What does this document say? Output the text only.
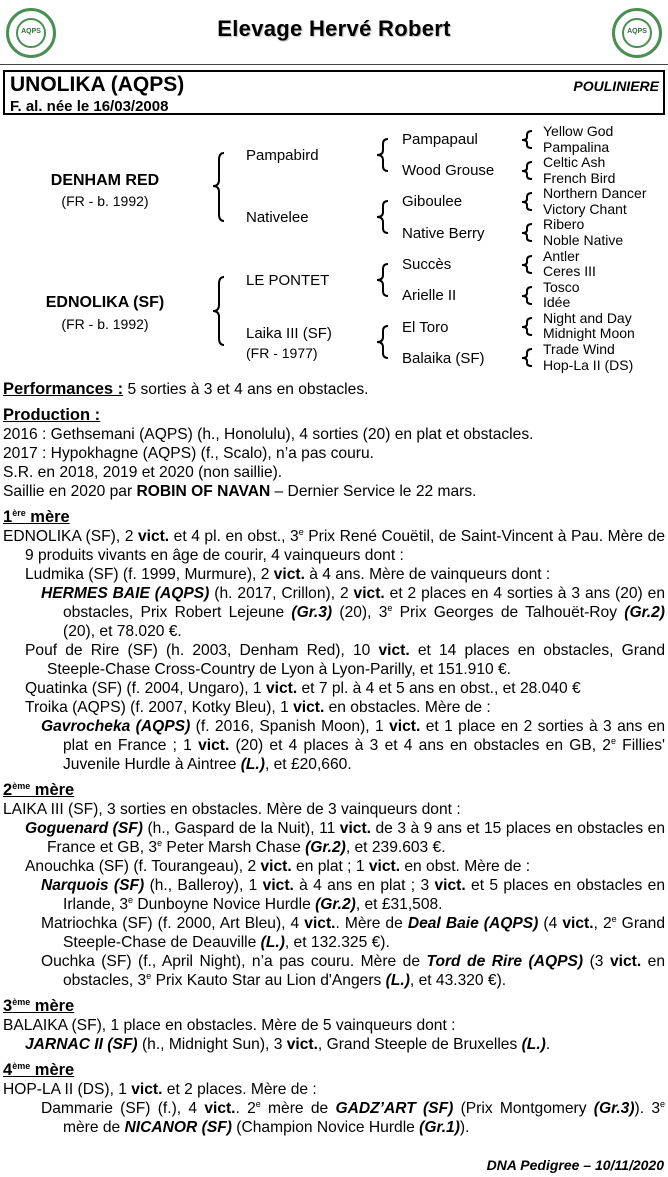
AQPS	Elevage Hervé Robert	AQPS
UNOLIKA (AQPS)
F. al. née le 16/03/2008
POULINIERE
DENHAM RED
(FR - b. 1992)
EDNOLIKA (SF)
(FR - b. 1992)
Pampabird
Nativelee
LE PONTET
Laika III (SF)
(FR - 1977)
Pampapaul
Wood Grouse
Giboulee
Native Berry
Succès
Arielle II
El Toro
Balaika (SF)
Yellow God
Pampalina
Celtic Ash
French Bird
Northern Dancer
Victory Chant
Ribero
Noble Native
Antler
Ceres III
Tosco
Idée
Night and Day
Midnight Moon
Trade Wind
Hop-La II (DS)

Performances : 5 sorties à 3 et 4 ans en obstacles.

Production :

2016 : Gethsemani (AQPS) (h., Honolulu), 4 sorties (20) en plat et obstacles.

2017 : Hypokhagne (AQPS) (f., Scalo), n’a pas couru.

S.R. en 2018, 2019 et 2020 (non saillie).

Saillie en 2020 par ROBIN OF NAVAN – Dernier Service le 22 mars.

1ère mère

EDNOLIKA (SF), 2 vict. et 4 pl. en obst., 3e Prix René Couëtil, de Saint-Vincent à Pau. Mère de 9 produits vivants en âge de courir, 4 vainqueurs dont :

Ludmika (SF) (f. 1999, Murmure), 2 vict. à 4 ans. Mère de vainqueurs dont :

HERMES BAIE (AQPS) (h. 2017, Crillon), 2 vict. et 2 places en 4 sorties à 3 ans (20) en obstacles, Prix Robert Lejeune (Gr.3) (20), 3e Prix Georges de Talhouët-Roy (Gr.2) (20), et 78.020 €.

Pouf de Rire (SF) (h. 2003, Denham Red), 10 vict. et 14 places en obstacles, Grand Steeple-Chase Cross-Country de Lyon à Lyon-Parilly, et 151.910 €.

Quatinka (SF) (f. 2004, Ungaro), 1 vict. et 7 pl. à 4 et 5 ans en obst., et 28.040 €

Troika (AQPS) (f. 2007, Kotky Bleu), 1 vict. en obstacles. Mère de :

Gavrocheka (AQPS) (f. 2016, Spanish Moon), 1 vict. et 1 place en 2 sorties à 3 ans en plat en France ; 1 vict. (20) et 4 places à 3 et 4 ans en obstacles en GB, 2e Fillies' Juvenile Hurdle à Aintree (L.), et £20,660.

2ème mère

LAIKA III (SF), 3 sorties en obstacles. Mère de 3 vainqueurs dont :

Goguenard (SF) (h., Gaspard de la Nuit), 11 vict. de 3 à 9 ans et 15 places en obstacles en France et GB, 3e Peter Marsh Chase (Gr.2), et 239.603 €.

Anouchka (SF) (f. Tourangeau), 2 vict. en plat ; 1 vict. en obst. Mère de :

Narquois (SF) (h., Balleroy), 1 vict. à 4 ans en plat ; 3 vict. et 5 places en obstacles en Irlande, 3e Dunboyne Novice Hurdle (Gr.2), et £31,508.

Matriochka (SF) (f. 2000, Art Bleu), 4 vict.. Mère de Deal Baie (AQPS) (4 vict., 2e Grand Steeple-Chase de Deauville (L.), et 132.325 €).

Ouchka (SF) (f., April Night), n’a pas couru. Mère de Tord de Rire (AQPS) (3 vict. en obstacles, 3e Prix Kauto Star au Lion d'Angers (L.), et 43.320 €).

3ème mère

BALAIKA (SF), 1 place en obstacles. Mère de 5 vainqueurs dont :

JARNAC II (SF) (h., Midnight Sun), 3 vict., Grand Steeple de Bruxelles (L.).

4ème mère

HOP-LA II (DS), 1 vict. et 2 places. Mère de :

Dammarie (SF) (f.), 4 vict.. 2e mère de GADZ’ART (SF) (Prix Montgomery (Gr.3)). 3e mère de NICANOR (SF) (Champion Novice Hurdle (Gr.1)).

DNA Pedigree – 10/11/2020
